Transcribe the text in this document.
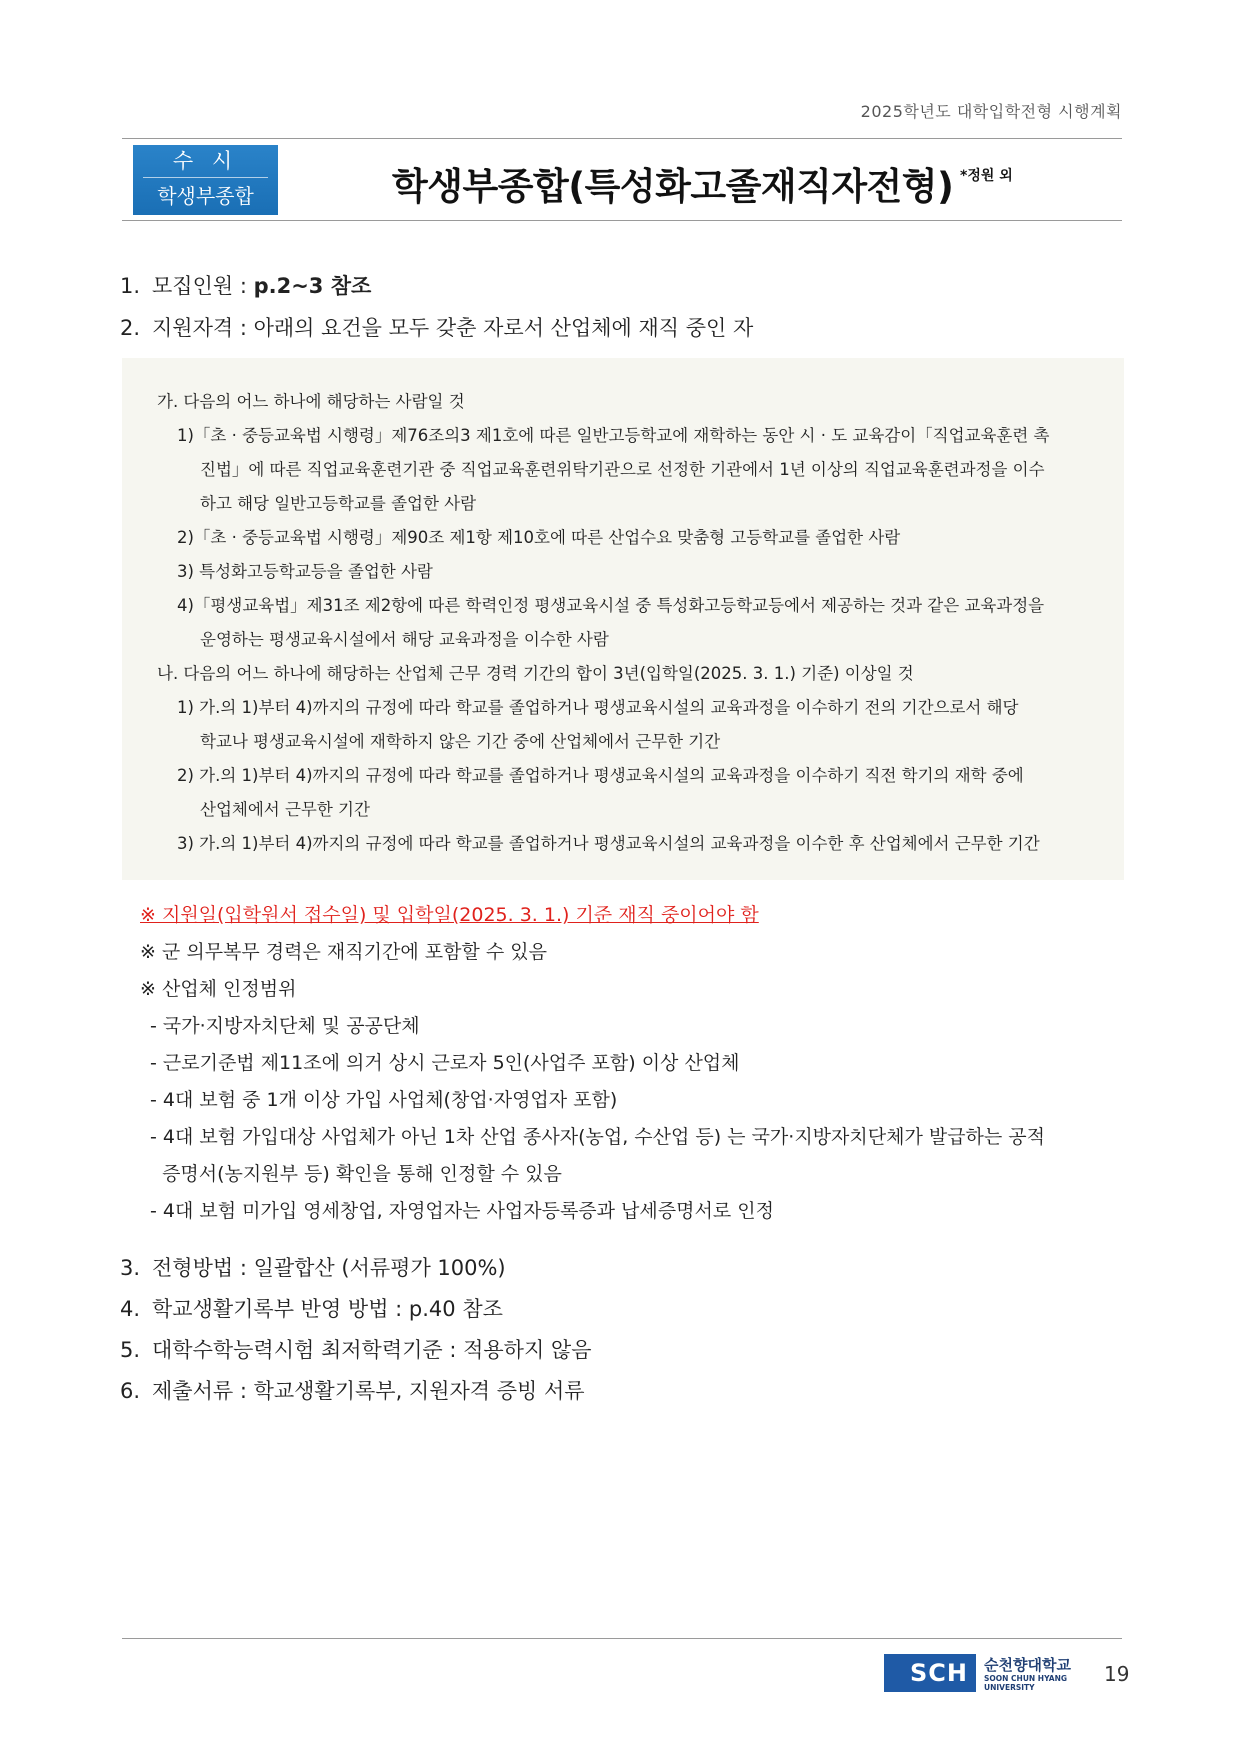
2025학년도 대학입학전형 시행계획
수 시
학생부종합	학생부종합(특성화고졸재직자전형) *정원 외
1. 모집인원 : p.2~3 참조
2. 지원자격 : 아래의 요건을 모두 갖춘 자로서 산업체에 재직 중인 자
가. 다음의 어느 하나에 해당하는 사람일 것
1)「초 · 중등교육법 시행령」제76조의3 제1호에 따른 일반고등학교에 재학하는 동안 시 · 도 교육감이「직업교육훈련 촉
진법」에 따른 직업교육훈련기관 중 직업교육훈련위탁기관으로 선정한 기관에서 1년 이상의 직업교육훈련과정을 이수
하고 해당 일반고등학교를 졸업한 사람
2)「초 · 중등교육법 시행령」제90조 제1항 제10호에 따른 산업수요 맞춤형 고등학교를 졸업한 사람
3) 특성화고등학교등을 졸업한 사람
4)「평생교육법」제31조 제2항에 따른 학력인정 평생교육시설 중 특성화고등학교등에서 제공하는 것과 같은 교육과정을
운영하는 평생교육시설에서 해당 교육과정을 이수한 사람
나. 다음의 어느 하나에 해당하는 산업체 근무 경력 기간의 합이 3년(입학일(2025. 3. 1.) 기준) 이상일 것
1) 가.의 1)부터 4)까지의 규정에 따라 학교를 졸업하거나 평생교육시설의 교육과정을 이수하기 전의 기간으로서 해당
학교나 평생교육시설에 재학하지 않은 기간 중에 산업체에서 근무한 기간
2) 가.의 1)부터 4)까지의 규정에 따라 학교를 졸업하거나 평생교육시설의 교육과정을 이수하기 직전 학기의 재학 중에
산업체에서 근무한 기간
3) 가.의 1)부터 4)까지의 규정에 따라 학교를 졸업하거나 평생교육시설의 교육과정을 이수한 후 산업체에서 근무한 기간
※ 지원일(입학원서 접수일) 및 입학일(2025. 3. 1.) 기준 재직 중이어야 함
※ 군 의무복무 경력은 재직기간에 포함할 수 있음
※ 산업체 인정범위
- 국가·지방자치단체 및 공공단체
- 근로기준법 제11조에 의거 상시 근로자 5인(사업주 포함) 이상 산업체
- 4대 보험 중 1개 이상 가입 사업체(창업·자영업자 포함)
- 4대 보험 가입대상 사업체가 아닌 1차 산업 종사자(농업, 수산업 등) 는 국가·지방자치단체가 발급하는 공적
증명서(농지원부 등) 확인을 통해 인정할 수 있음
- 4대 보험 미가입 영세창업, 자영업자는 사업자등록증과 납세증명서로 인정
3. 전형방법 : 일괄합산 (서류평가 100%)
4. 학교생활기록부 반영 방법 : p.40 참조
5. 대학수학능력시험 최저학력기준 : 적용하지 않음
6. 제출서류 : 학교생활기록부, 지원자격 증빙 서류
SCH	순천향대학교
SOON CHUN HYANG
UNIVERSITY
19
